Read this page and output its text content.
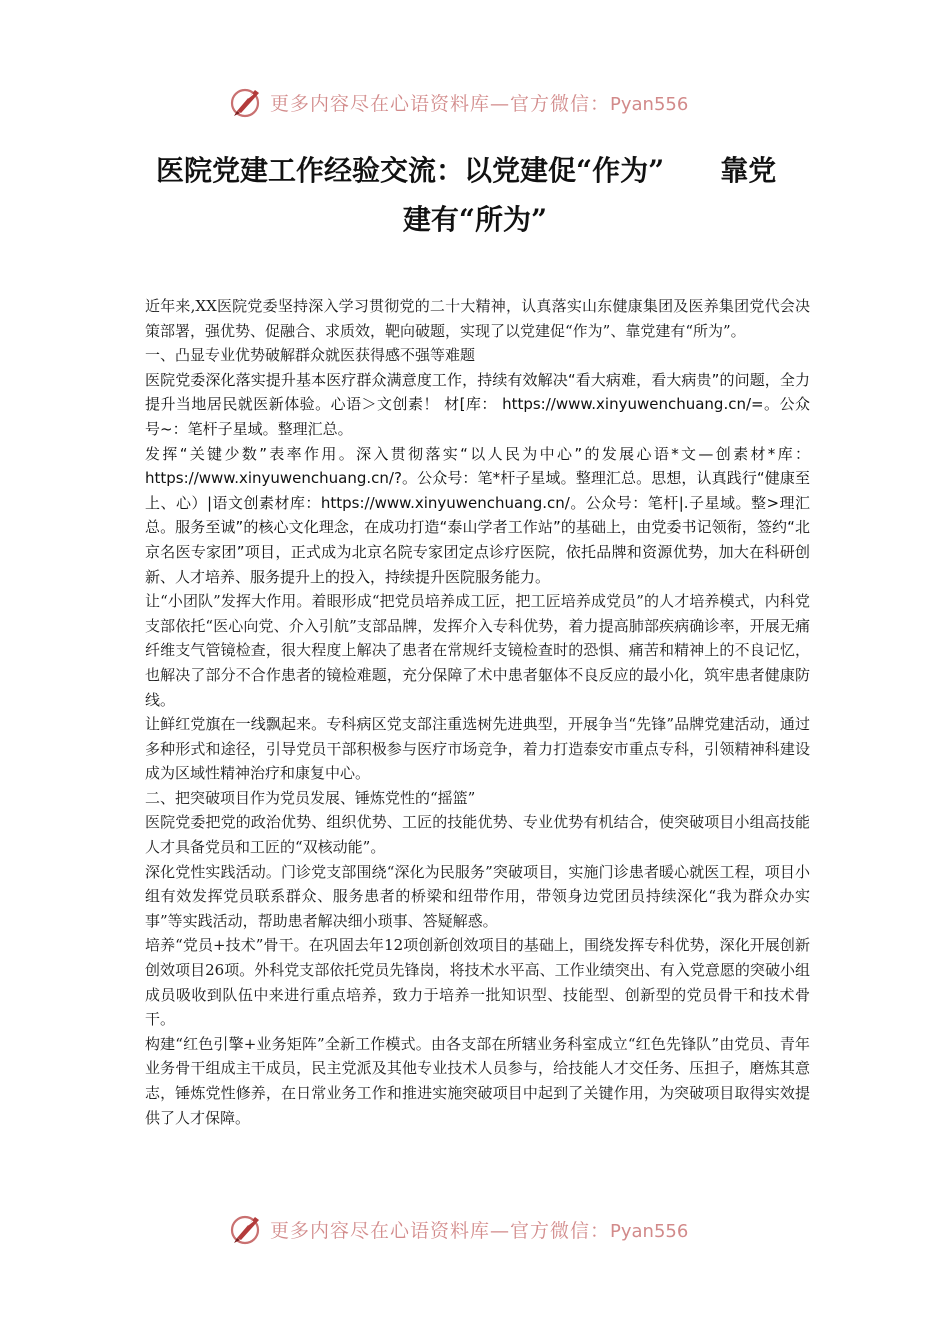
更多内容尽在心语资料库—官方微信：Pyan556
医院党建工作经验交流：以党建促“作为”　　靠党
建有“所为”

近年来,XX医院党委坚持深入学习贯彻党的二十大精神，认真落实山东健康集团及医养集团党代会决策部署，强优势、促融合、求质效，靶向破题，实现了以党建促“作为”、靠党建有“所为”。

一、凸显专业优势破解群众就医获得感不强等难题

医院党委深化落实提升基本医疗群众满意度工作，持续有效解决“看大病难，看大病贵”的问题，全力提升当地居民就医新体验。心语＞文创素！ 材[库： https://www.xinyuwenchuang.cn/=。公众号~：笔杆子星域。整理汇总。

发挥“关键少数”表率作用。深入贯彻落实“以人民为中心”的发展心语*文—创素材*库：https://www.xinyuwenchuang.cn/?。公众号：笔*杆子星域。整理汇总。思想，认真践行“健康至上、心）|语文创素材库：https://www.xinyuwenchuang.cn/。公众号：笔杆|.子星域。整>理汇总。服务至诚”的核心文化理念，在成功打造“泰山学者工作站”的基础上，由党委书记领衔，签约“北京名医专家团”项目，正式成为北京名院专家团定点诊疗医院，依托品牌和资源优势，加大在科研创新、人才培养、服务提升上的投入，持续提升医院服务能力。

让“小团队”发挥大作用。着眼形成“把党员培养成工匠，把工匠培养成党员”的人才培养模式，内科党支部依托“医心向党、介入引航”支部品牌，发挥介入专科优势，着力提高肺部疾病确诊率，开展无痛纤维支气管镜检查，很大程度上解决了患者在常规纤支镜检查时的恐惧、痛苦和精神上的不良记忆，也解决了部分不合作患者的镜检难题，充分保障了术中患者躯体不良反应的最小化，筑牢患者健康防线。

让鲜红党旗在一线飘起来。专科病区党支部注重选树先进典型，开展争当“先锋”品牌党建活动，通过多种形式和途径，引导党员干部积极参与医疗市场竞争，着力打造泰安市重点专科，引领精神科建设成为区域性精神治疗和康复中心。

二、把突破项目作为党员发展、锤炼党性的“摇篮”

医院党委把党的政治优势、组织优势、工匠的技能优势、专业优势有机结合，使突破项目小组高技能人才具备党员和工匠的“双核动能”。

深化党性实践活动。门诊党支部围绕“深化为民服务”突破项目，实施门诊患者暖心就医工程，项目小组有效发挥党员联系群众、服务患者的桥梁和纽带作用，带领身边党团员持续深化“我为群众办实事”等实践活动，帮助患者解决细小琐事、答疑解惑。

培养“党员+技术”骨干。在巩固去年12项创新创效项目的基础上，围绕发挥专科优势，深化开展创新创效项目26项。外科党支部依托党员先锋岗，将技术水平高、工作业绩突出、有入党意愿的突破小组成员吸收到队伍中来进行重点培养，致力于培养一批知识型、技能型、创新型的党员骨干和技术骨干。

构建“红色引擎+业务矩阵”全新工作模式。由各支部在所辖业务科室成立“红色先锋队”由党员、青年业务骨干组成主干成员，民主党派及其他专业技术人员参与，给技能人才交任务、压担子，磨炼其意志，锤炼党性修养，在日常业务工作和推进实施突破项目中起到了关键作用，为突破项目取得实效提供了人才保障。

更多内容尽在心语资料库—官方微信：Pyan556
